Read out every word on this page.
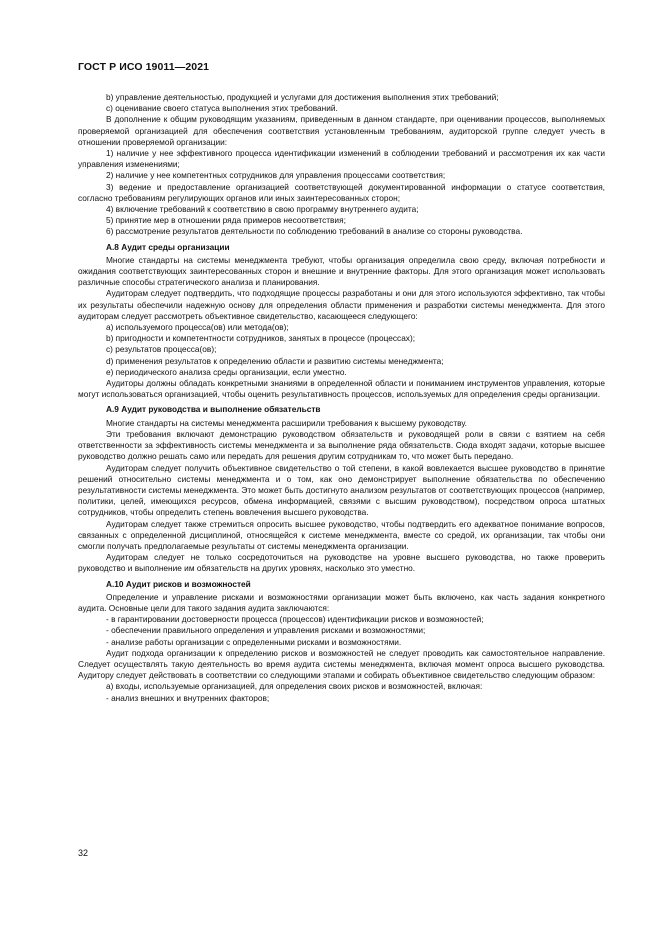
ГОСТ Р ИСО 19011—2021

b) управление деятельностью, продукцией и услугами для достижения выполнения этих требований;

c) оценивание своего статуса выполнения этих требований.

В дополнение к общим руководящим указаниям, приведенным в данном стандарте, при оценивании процессов, выполняемых проверяемой организацией для обеспечения соответствия установленным требованиям, аудиторской группе следует учесть в отношении проверяемой организации:

1) наличие у нее эффективного процесса идентификации изменений в соблюдении требований и рассмотрения их как части управления изменениями;

2) наличие у нее компетентных сотрудников для управления процессами соответствия;

3) ведение и предоставление организацией соответствующей документированной информации о статусе соответствия, согласно требованиям регулирующих органов или иных заинтересованных сторон;

4) включение требований к соответствию в свою программу внутреннего аудита;

5) принятие мер в отношении ряда примеров несоответствия;

6) рассмотрение результатов деятельности по соблюдению требований в анализе со стороны руководства.

А.8 Аудит среды организации

Многие стандарты на системы менеджмента требуют, чтобы организация определила свою среду, включая потребности и ожидания соответствующих заинтересованных сторон и внешние и внутренние факторы. Для этого организация может использовать различные способы стратегического анализа и планирования.

Аудиторам следует подтвердить, что подходящие процессы разработаны и они для этого используются эффективно, так чтобы их результаты обеспечили надежную основу для определения области применения и разработки системы менеджмента. Для этого аудиторам следует рассмотреть объективное свидетельство, касающееся следующего:

a) используемого процесса(ов) или метода(ов);

b) пригодности и компетентности сотрудников, занятых в процессе (процессах);

c) результатов процесса(ов);

d) применения результатов к определению области и развитию системы менеджмента;

e) периодического анализа среды организации, если уместно.

Аудиторы должны обладать конкретными знаниями в определенной области и пониманием инструментов управления, которые могут использоваться организацией, чтобы оценить результативность процессов, используемых для определения среды организации.

А.9 Аудит руководства и выполнение обязательств

Многие стандарты на системы менеджмента расширили требования к высшему руководству.

Эти требования включают демонстрацию руководством обязательств и руководящей роли в связи с взятием на себя ответственности за эффективность системы менеджмента и за выполнение ряда обязательств. Сюда входят задачи, которые высшее руководство должно решать само или передать для решения другим сотрудникам то, что может быть передано.

Аудиторам следует получить объективное свидетельство о той степени, в какой вовлекается высшее руководство в принятие решений относительно системы менеджмента и о том, как оно демонстрирует выполнение обязательства по обеспечению результативности системы менеджмента. Это может быть достигнуто анализом результатов от соответствующих процессов (например, политики, целей, имеющихся ресурсов, обмена информацией, связями с высшим руководством), посредством опроса штатных сотрудников, чтобы определить степень вовлечения высшего руководства.

Аудиторам следует также стремиться опросить высшее руководство, чтобы подтвердить его адекватное понимание вопросов, связанных с определенной дисциплиной, относящейся к системе менеджмента, вместе со средой, их организации, так чтобы они смогли получать предполагаемые результаты от системы менеджмента организации.

Аудиторам следует не только сосредоточиться на руководстве на уровне высшего руководства, но также проверить руководство и выполнение им обязательств на других уровнях, насколько это уместно.

А.10 Аудит рисков и возможностей

Определение и управление рисками и возможностями организации может быть включено, как часть задания конкретного аудита. Основные цели для такого задания аудита заключаются:

- в гарантировании достоверности процесса (процессов) идентификации рисков и возможностей;

- обеспечении правильного определения и управления рисками и возможностями;

- анализе работы организации с определенными рисками и возможностями.

Аудит подхода организации к определению рисков и возможностей не следует проводить как самостоятельное направление. Следует осуществлять такую деятельность во время аудита системы менеджмента, включая момент опроса высшего руководства. Аудитору следует действовать в соответствии со следующими этапами и собирать объективное свидетельство следующим образом:

a) входы, используемые организацией, для определения своих рисков и возможностей, включая:

- анализ внешних и внутренних факторов;

32
